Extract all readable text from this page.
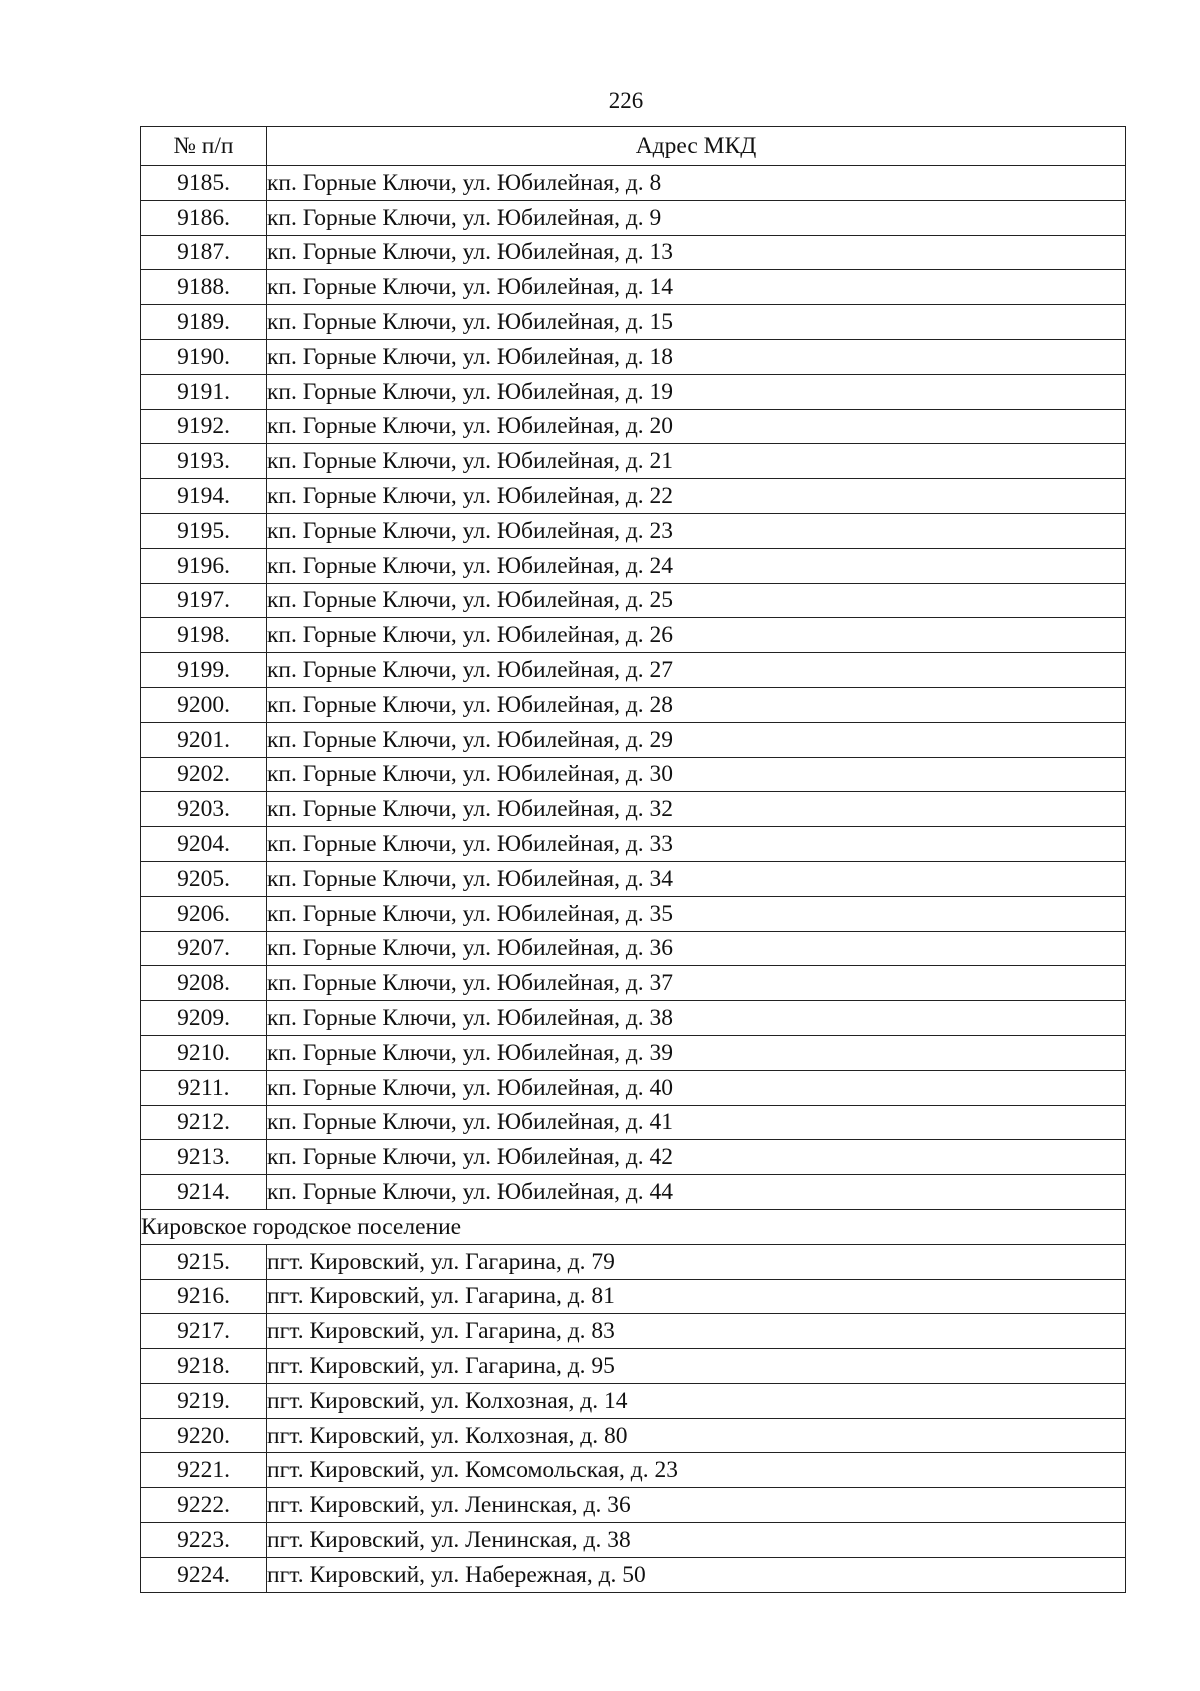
226
№ п/п	Адрес МКД
9185.	кп. Горные Ключи, ул. Юбилейная, д. 8
9186.	кп. Горные Ключи, ул. Юбилейная, д. 9
9187.	кп. Горные Ключи, ул. Юбилейная, д. 13
9188.	кп. Горные Ключи, ул. Юбилейная, д. 14
9189.	кп. Горные Ключи, ул. Юбилейная, д. 15
9190.	кп. Горные Ключи, ул. Юбилейная, д. 18
9191.	кп. Горные Ключи, ул. Юбилейная, д. 19
9192.	кп. Горные Ключи, ул. Юбилейная, д. 20
9193.	кп. Горные Ключи, ул. Юбилейная, д. 21
9194.	кп. Горные Ключи, ул. Юбилейная, д. 22
9195.	кп. Горные Ключи, ул. Юбилейная, д. 23
9196.	кп. Горные Ключи, ул. Юбилейная, д. 24
9197.	кп. Горные Ключи, ул. Юбилейная, д. 25
9198.	кп. Горные Ключи, ул. Юбилейная, д. 26
9199.	кп. Горные Ключи, ул. Юбилейная, д. 27
9200.	кп. Горные Ключи, ул. Юбилейная, д. 28
9201.	кп. Горные Ключи, ул. Юбилейная, д. 29
9202.	кп. Горные Ключи, ул. Юбилейная, д. 30
9203.	кп. Горные Ключи, ул. Юбилейная, д. 32
9204.	кп. Горные Ключи, ул. Юбилейная, д. 33
9205.	кп. Горные Ключи, ул. Юбилейная, д. 34
9206.	кп. Горные Ключи, ул. Юбилейная, д. 35
9207.	кп. Горные Ключи, ул. Юбилейная, д. 36
9208.	кп. Горные Ключи, ул. Юбилейная, д. 37
9209.	кп. Горные Ключи, ул. Юбилейная, д. 38
9210.	кп. Горные Ключи, ул. Юбилейная, д. 39
9211.	кп. Горные Ключи, ул. Юбилейная, д. 40
9212.	кп. Горные Ключи, ул. Юбилейная, д. 41
9213.	кп. Горные Ключи, ул. Юбилейная, д. 42
9214.	кп. Горные Ключи, ул. Юбилейная, д. 44
Кировское городское поселение	
9215.	пгт. Кировский, ул. Гагарина, д. 79
9216.	пгт. Кировский, ул. Гагарина, д. 81
9217.	пгт. Кировский, ул. Гагарина, д. 83
9218.	пгт. Кировский, ул. Гагарина, д. 95
9219.	пгт. Кировский, ул. Колхозная, д. 14
9220.	пгт. Кировский, ул. Колхозная, д. 80
9221.	пгт. Кировский, ул. Комсомольская, д. 23
9222.	пгт. Кировский, ул. Ленинская, д. 36
9223.	пгт. Кировский, ул. Ленинская, д. 38
9224.	пгт. Кировский, ул. Набережная, д. 50
